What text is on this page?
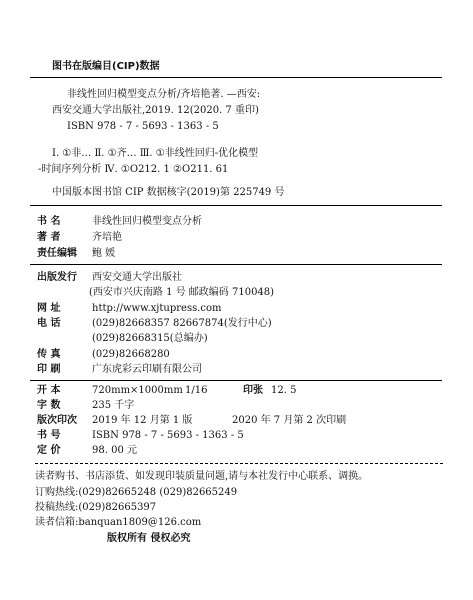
图书在版编目(CIP)数据
非线性回归模型变点分析/齐培艳著. —西安:
西安交通大学出版社,2019. 12(2020. 7 重印)
ISBN 978 - 7 - 5693 - 1363 - 5
Ⅰ. ①非… Ⅱ. ①齐… Ⅲ. ①非线性回归-优化模型
-时间序列分析 Ⅳ. ①O212. 1 ②O211. 61
中国版本图书馆 CIP 数据核字(2019)第 225749 号
书 名	非线性回归模型变点分析
著 者	齐培艳
责任编辑 鲍 媛
出版发行 西安交通大学出版社
(西安市兴庆南路 1 号 邮政编码 710048)
网 址	http://www.xjtupress.com
电 话	(029)82668357 82667874(发行中心)
(029)82668315(总编办)
传 真	(029)82668280
印 刷	广东虎彩云印刷有限公司
开 本	720mm×1000mm 1/16	印张 12. 5
字 数	235 千字
版次印次 2019 年 12 月第 1 版	2020 年 7 月第 2 次印刷
书 号	ISBN 978 - 7 - 5693 - 1363 - 5
定 价	98. 00 元
读者购书、书店添货、如发现印装质量问题,请与本社发行中心联系、调换。
订购热线:(029)82665248 (029)82665249
投稿热线:(029)82665397
读者信箱:banquan1809@126.com
版权所有 侵权必究
